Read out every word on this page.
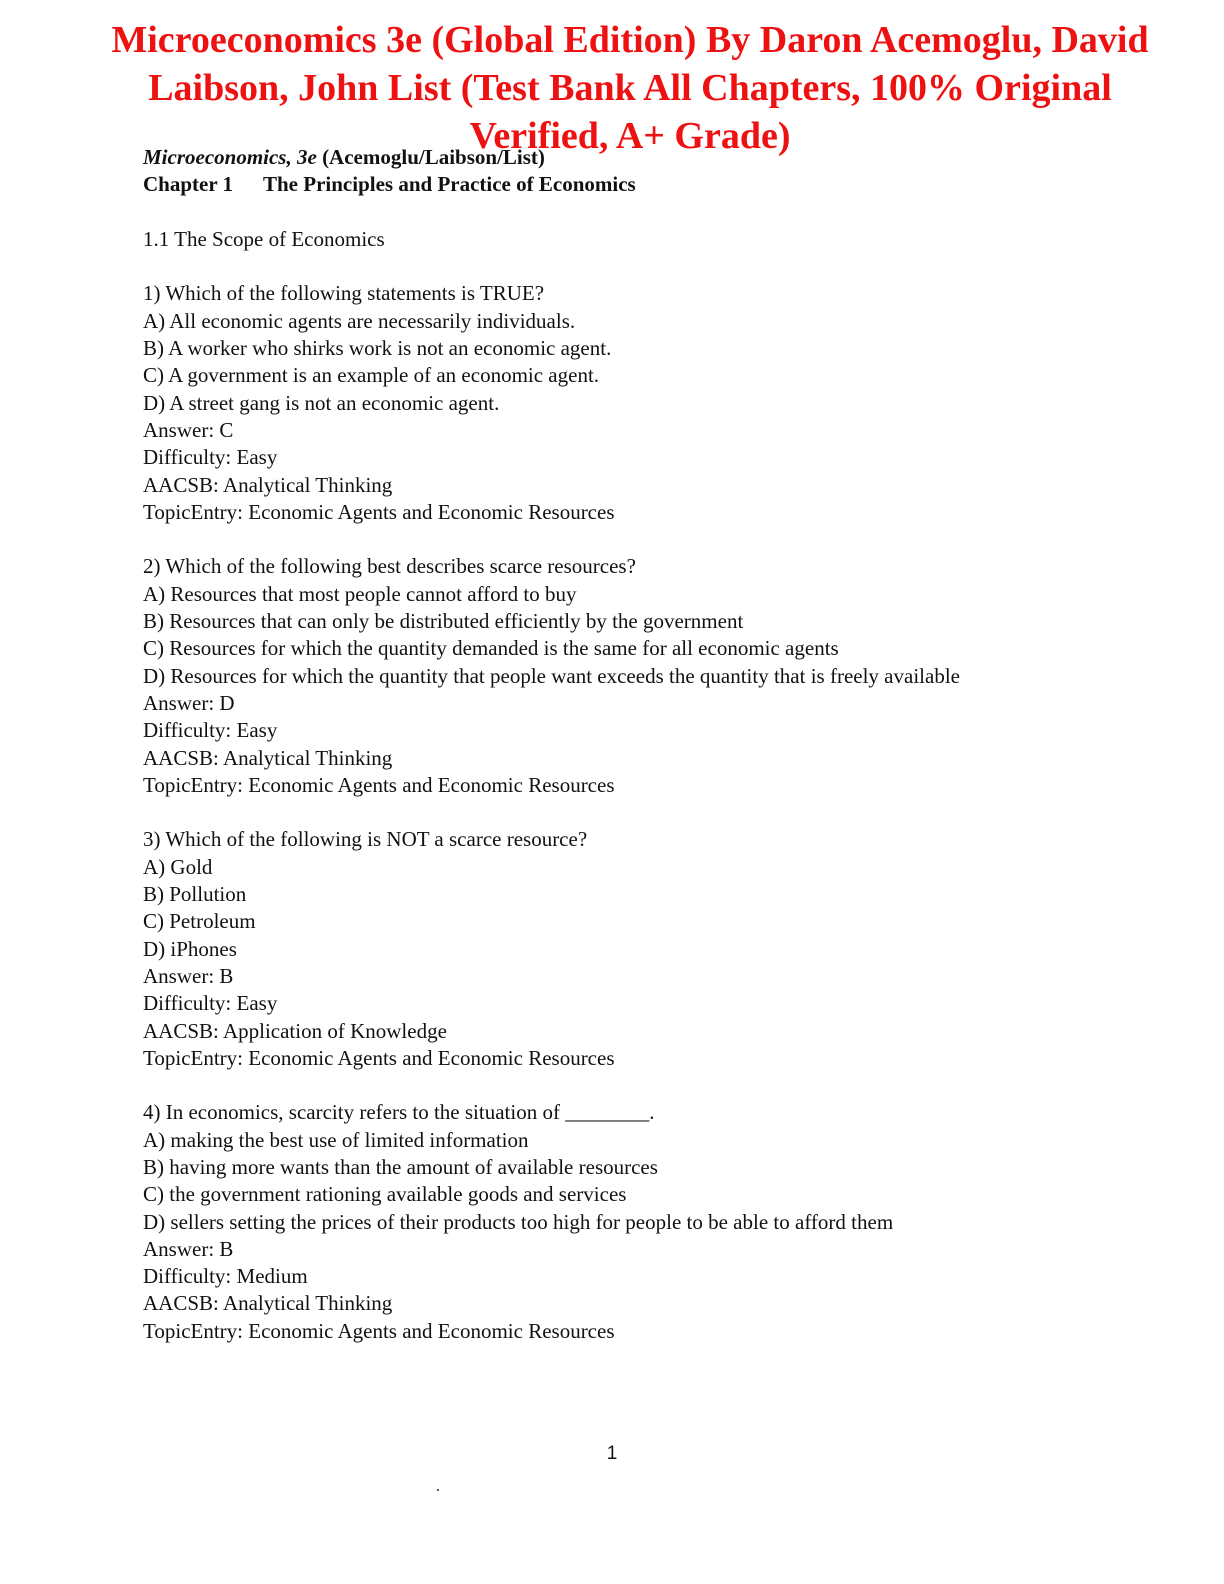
Microeconomics 3e (Global Edition) By Daron Acemoglu, David
Laibson, John List (Test Bank All Chapters, 100% Original
Verified, A+ Grade)
Microeconomics, 3e (Acemoglu/Laibson/List)
Chapter 1 The Principles and Practice of Economics
1.1 The Scope of Economics
1) Which of the following statements is TRUE?
A) All economic agents are necessarily individuals.
B) A worker who shirks work is not an economic agent.
C) A government is an example of an economic agent.
D) A street gang is not an economic agent.
Answer: C
Difficulty: Easy
AACSB: Analytical Thinking
TopicEntry: Economic Agents and Economic Resources
2) Which of the following best describes scarce resources?
A) Resources that most people cannot afford to buy
B) Resources that can only be distributed efficiently by the government
C) Resources for which the quantity demanded is the same for all economic agents
D) Resources for which the quantity that people want exceeds the quantity that is freely available
Answer: D
Difficulty: Easy
AACSB: Analytical Thinking
TopicEntry: Economic Agents and Economic Resources
3) Which of the following is NOT a scarce resource?
A) Gold
B) Pollution
C) Petroleum
D) iPhones
Answer: B
Difficulty: Easy
AACSB: Application of Knowledge
TopicEntry: Economic Agents and Economic Resources
4) In economics, scarcity refers to the situation of ________.
A) making the best use of limited information
B) having more wants than the amount of available resources
C) the government rationing available goods and services
D) sellers setting the prices of their products too high for people to be able to afford them
Answer: B
Difficulty: Medium
AACSB: Analytical Thinking
TopicEntry: Economic Agents and Economic Resources
1
.
